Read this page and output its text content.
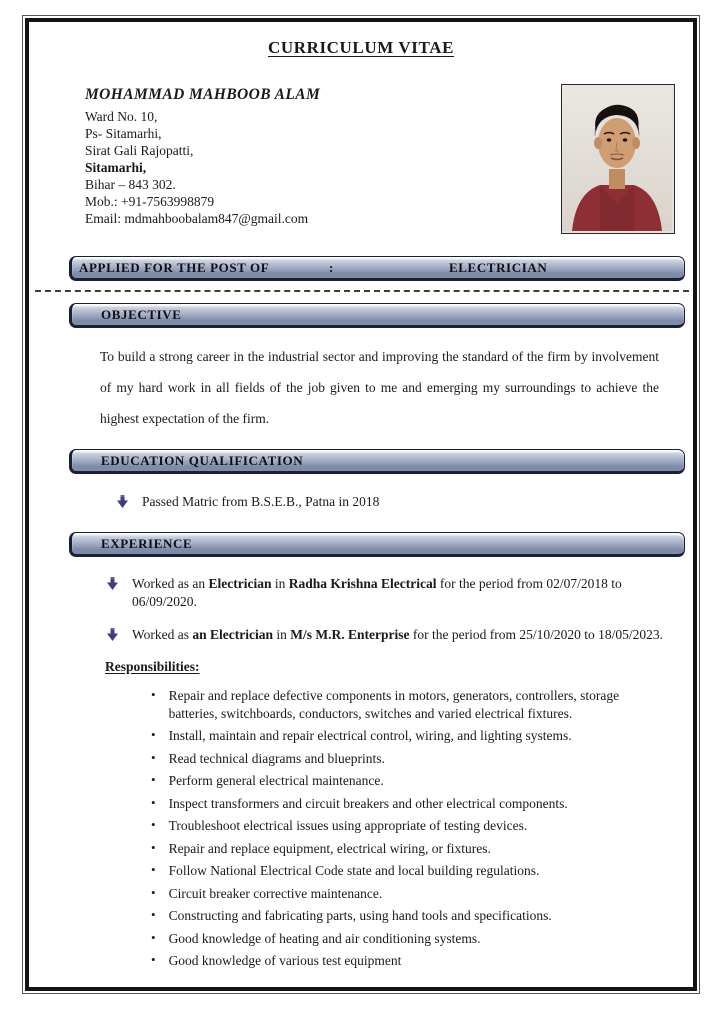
CURRICULUM VITAE
MOHAMMAD MAHBOOB ALAM
Ward No. 10,
Ps- Sitamarhi,
Sirat Gali Rajopatti,
Sitamarhi,
Bihar – 843 302.
Mob.: +91-7563998879
Email: mdmahboobalam847@gmail.com
APPLIED FOR THE POST OF	:	ELECTRICIAN
OBJECTIVE

To build a strong career in the industrial sector and improving the standard of the firm by involvement of my hard work in all fields of the job given to me and emerging my surroundings to achieve the highest expectation of the firm.

EDUCATION QUALIFICATION
Passed Matric from B.S.E.B., Patna in 2018
EXPERIENCE
Worked as an Electrician in Radha Krishna Electrical for the period from 02/07/2018 to 06/09/2020.
Worked as an Electrician in M/s M.R. Enterprise for the period from 25/10/2020 to 18/05/2023.
Responsibilities:
• Repair and replace defective components in motors, generators, controllers, storage batteries, switchboards, conductors, switches and varied electrical fixtures.
• Install, maintain and repair electrical control, wiring, and lighting systems.
• Read technical diagrams and blueprints.
• Perform general electrical maintenance.
• Inspect transformers and circuit breakers and other electrical components.
• Troubleshoot electrical issues using appropriate of testing devices.
• Repair and replace equipment, electrical wiring, or fixtures.
• Follow National Electrical Code state and local building regulations.
• Circuit breaker corrective maintenance.
• Constructing and fabricating parts, using hand tools and specifications.
• Good knowledge of heating and air conditioning systems.
• Good knowledge of various test equipment
